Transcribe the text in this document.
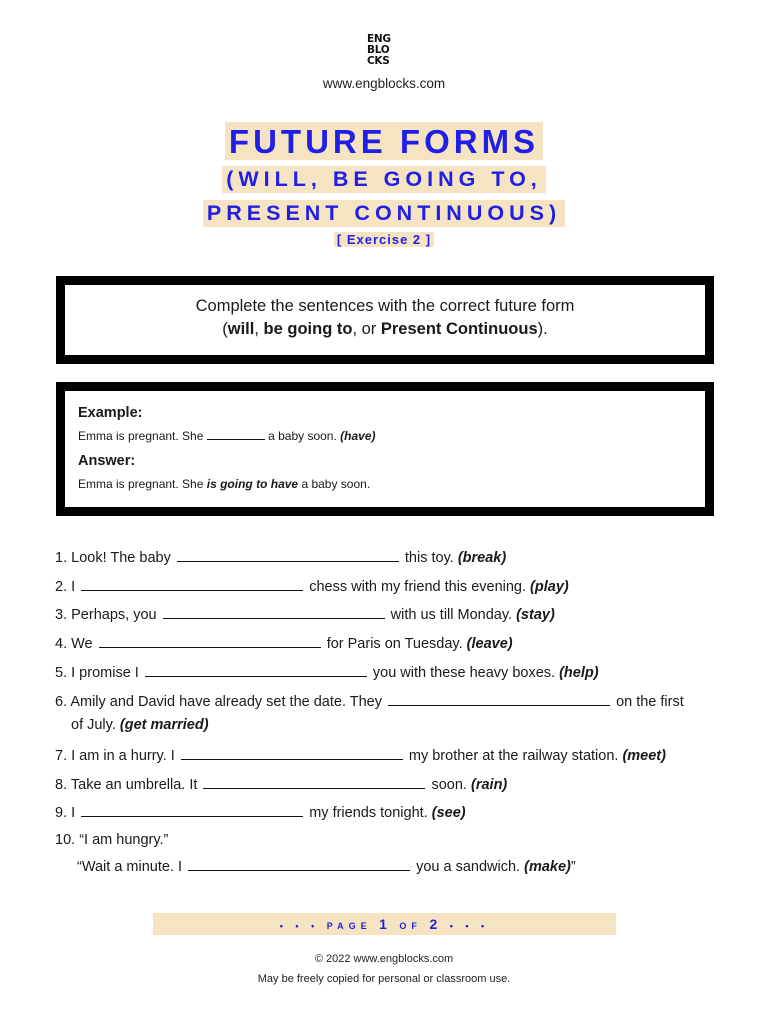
ENG
BLO
CKS
www.engblocks.com
FUTURE FORMS
(WILL, BE GOING TO,
PRESENT CONTINUOUS)
[ Exercise 2 ]
Complete the sentences with the correct future form
(will, be going to, or Present Continuous).
Example:
Emma is pregnant. She	a baby soon. (have)
Answer:
Emma is pregnant. She is going to have a baby soon.
1. Look! The baby	this toy. (break)
2. I	chess with my friend this evening. (play)
3. Perhaps, you	with us till Monday. (stay)
4. We	for Paris on Tuesday. (leave)
5. I promise I	you with these heavy boxes. (help)
6. Amily and David have already set the date. They	on the first
of July. (get married)
7. I am in a hurry. I	my brother at the railway station. (meet)
8. Take an umbrella. It	soon. (rain)
9. I	my friends tonight. (see)
10. “I am hungry.”
“Wait a minute. I	you a sandwich. (make)”
• • • PAGE 1 OF 2 • • •
© 2022 www.engblocks.com
May be freely copied for personal or classroom use.
